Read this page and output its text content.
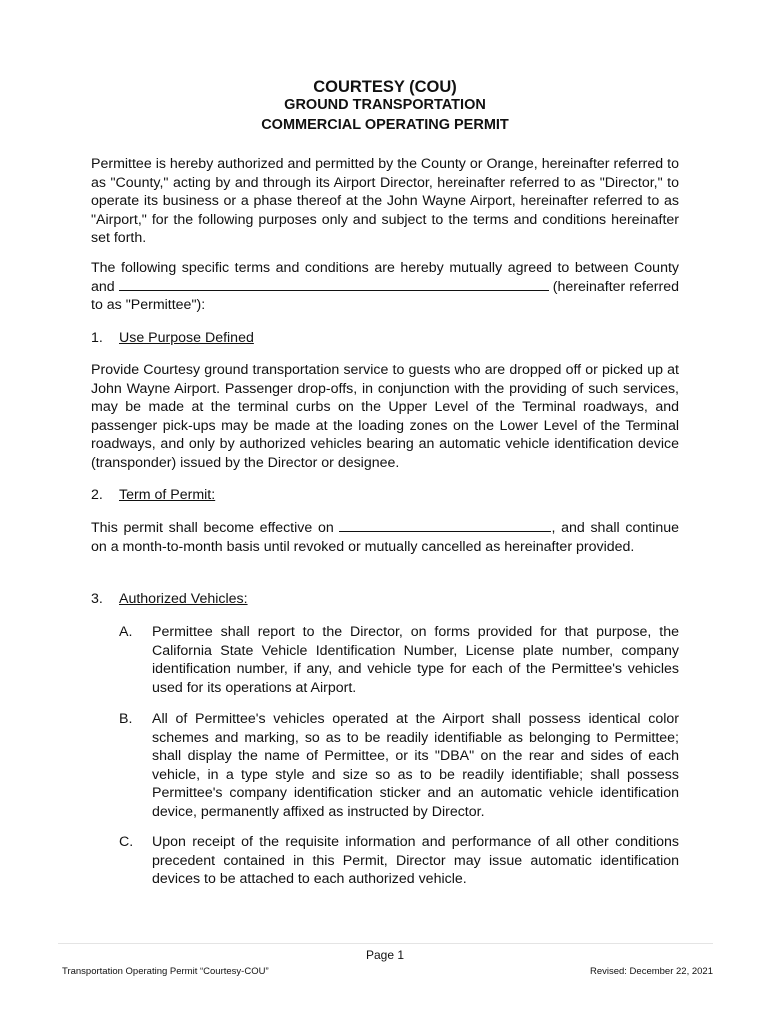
COURTESY (COU)
GROUND TRANSPORTATION
COMMERCIAL OPERATING PERMIT

Permittee is hereby authorized and permitted by the County or Orange, hereinafter referred to as "County," acting by and through its Airport Director, hereinafter referred to as "Director," to operate its business or a phase thereof at the John Wayne Airport, hereinafter referred to as "Airport," for the following purposes only and subject to the terms and conditions hereinafter set forth.

The following specific terms and conditions are hereby mutually agreed to between County and	(hereinafter referred to as "Permittee"):

1. Use Purpose Defined

Provide Courtesy ground transportation service to guests who are dropped off or picked up at John Wayne Airport. Passenger drop-offs, in conjunction with the providing of such services, may be made at the terminal curbs on the Upper Level of the Terminal roadways, and passenger pick-ups may be made at the loading zones on the Lower Level of the Terminal roadways, and only by authorized vehicles bearing an automatic vehicle identification device (transponder) issued by the Director or designee.

2. Term of Permit:

This permit shall become effective on	, and shall continue on a month-to-month basis until revoked or mutually cancelled as hereinafter provided.

3. Authorized Vehicles:
A. Permittee shall report to the Director, on forms provided for that purpose, the California State Vehicle Identification Number, License plate number, company identification number, if any, and vehicle type for each of the Permittee's vehicles used for its operations at Airport.
B. All of Permittee's vehicles operated at the Airport shall possess identical color schemes and marking, so as to be readily identifiable as belonging to Permittee; shall display the name of Permittee, or its "DBA" on the rear and sides of each vehicle, in a type style and size so as to be readily identifiable; shall possess Permittee's company identification sticker and an automatic vehicle identification device, permanently affixed as instructed by Director.
C. Upon receipt of the requisite information and performance of all other conditions precedent contained in this Permit, Director may issue automatic identification devices to be attached to each authorized vehicle.
Page 1
Transportation Operating Permit “Courtesy-COU”	Revised: December 22, 2021
